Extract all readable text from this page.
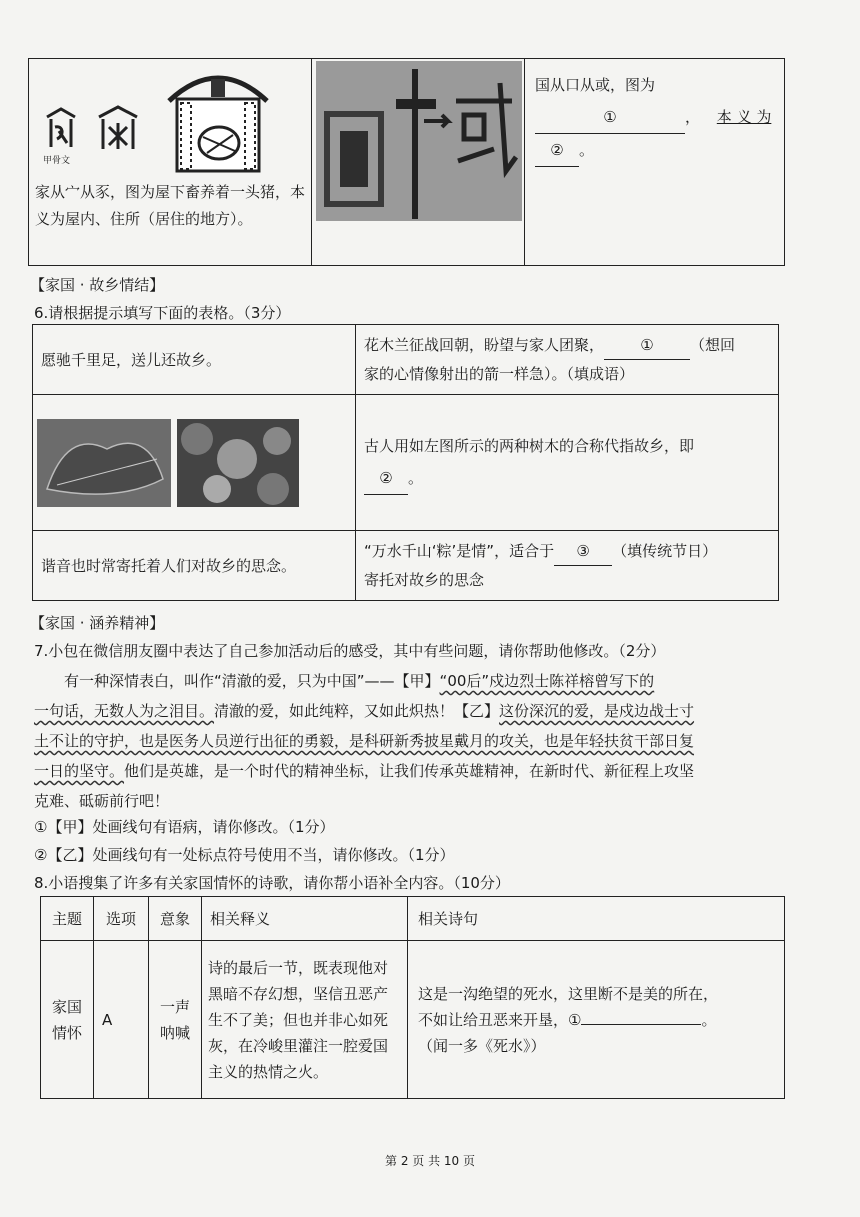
甲骨文
家从宀从豕，图为屋下畜养着一头猪，本义为屋内、住所（居住的地方）。

国从口从或，图为
①	， 本 义 为
② 。
【家国 · 故乡情结】
6.请根据提示填写下面的表格。（3分）
愿驰千里足，送儿还故乡。	花木兰征战回朝，盼望与家人团聚， ① （想回
家的心情像射出的箭一样急）。（填成语）

	古人用如左图所示的两种树木的合称代指故乡，即
② 。
谐音也时常寄托着人们对故乡的思念。	“万水千山‘粽’是情”，适合于 ③ （填传统节日）
寄托对故乡的思念
【家国 · 涵养精神】
7.小包在微信朋友圈中表达了自己参加活动后的感受，其中有些问题，请你帮助他修改。（2分）
有一种深情表白，叫作“清澈的爱，只为中国”——【甲】“00后”戍边烈士陈祥榕曾写下的
一句话，无数人为之泪目。清澈的爱，如此纯粹，又如此炽热！【乙】这份深沉的爱，是戍边战士寸
土不让的守护，也是医务人员逆行出征的勇毅，是科研新秀披星戴月的攻关，也是年轻扶贫干部日复
一日的坚守。他们是英雄，是一个时代的精神坐标，让我们传承英雄精神，在新时代、新征程上攻坚
克难、砥砺前行吧！
①【甲】处画线句有语病，请你修改。（1分）
②【乙】处画线句有一处标点符号使用不当，请你修改。（1分）
8.小语搜集了许多有关家国情怀的诗歌，请你帮小语补全内容。（10分）
主题	选项	意象	相关释义	相关诗句
家国情怀	A	一声呐喊	诗的最后一节，既表现他对黑暗不存幻想，坚信丑恶产生不了美；但也并非心如死灰，在冷峻里灌注一腔爱国主义的热情之火。	这是一沟绝望的死水，这里断不是美的所在，
不如让给丑恶来开垦，① 。
（闻一多《死水》）
第 2 页 共 10 页
